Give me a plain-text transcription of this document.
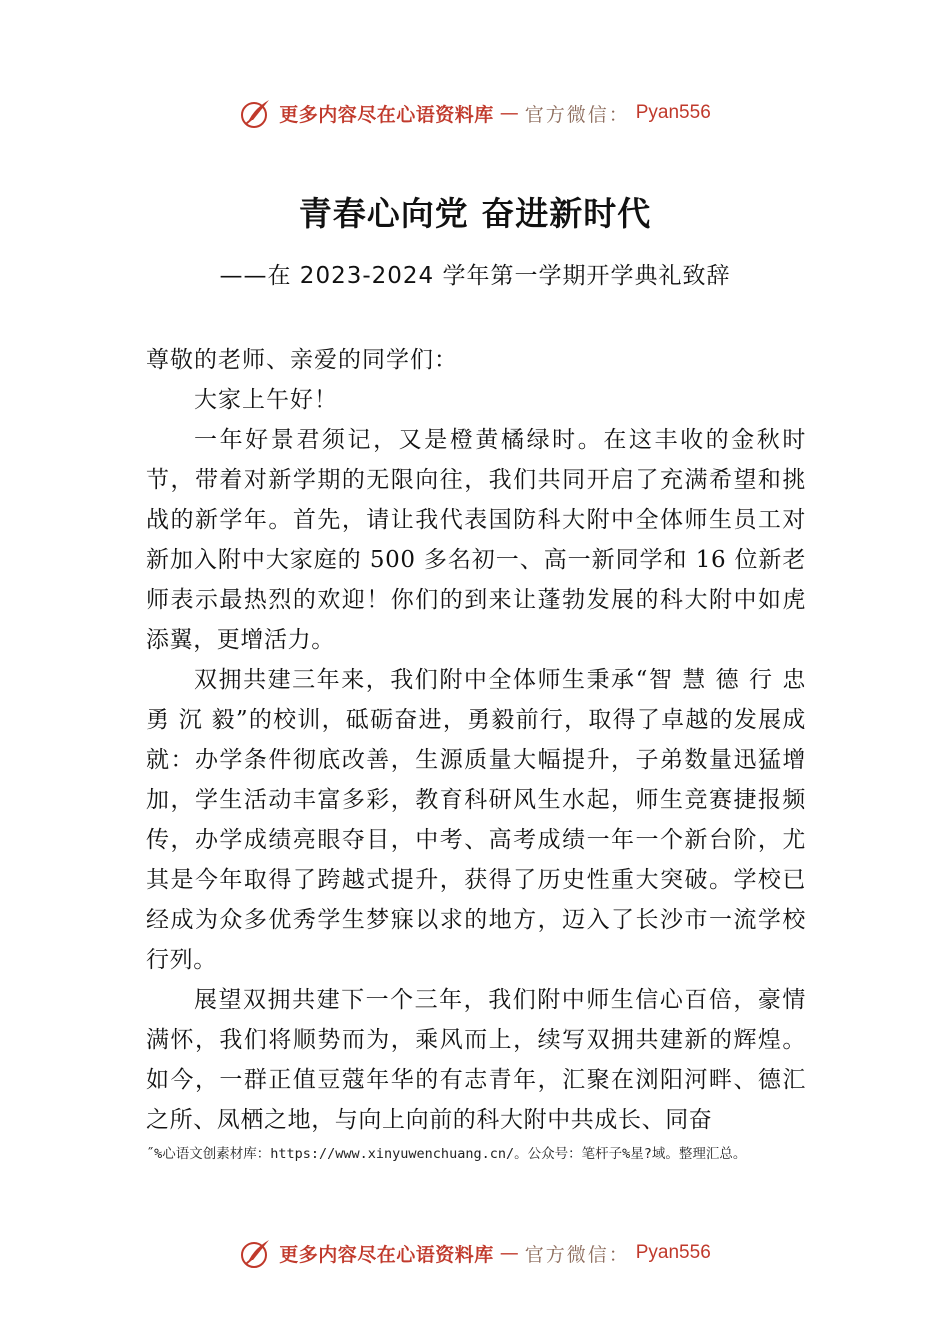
更多内容尽在心语资料库 — 官方微信： Pyan556
青春心向党 奋进新时代
——在 2023-2024 学年第一学期开学典礼致辞

尊敬的老师、亲爱的同学们：

大家上午好！

一年好景君须记，又是橙黄橘绿时。在这丰收的金秋时节，带着对新学期的无限向往，我们共同开启了充满希望和挑战的新学年。首先，请让我代表国防科大附中全体师生员工对新加入附中大家庭的 500 多名初一、高一新同学和 16 位新老师表示最热烈的欢迎！你们的到来让蓬勃发展的科大附中如虎添翼，更增活力。

双拥共建三年来，我们附中全体师生秉承“智 慧 德 行 忠 勇 沉 毅”的校训，砥砺奋进，勇毅前行，取得了卓越的发展成就：办学条件彻底改善，生源质量大幅提升，子弟数量迅猛增加，学生活动丰富多彩，教育科研风生水起，师生竞赛捷报频传，办学成绩亮眼夺目，中考、高考成绩一年一个新台阶，尤其是今年取得了跨越式提升，获得了历史性重大突破。学校已经成为众多优秀学生梦寐以求的地方，迈入了长沙市一流学校行列。

展望双拥共建下一个三年，我们附中师生信心百倍，豪情满怀，我们将顺势而为，乘风而上，续写双拥共建新的辉煌。如今，一群正值豆蔻年华的有志青年，汇聚在浏阳河畔、德汇之所、凤栖之地，与向上向前的科大附中共成长、同奋

˝%心语文创素材库：https://www.xinyuwenchuang.cn/。公众号：笔杆子%星?域。整理汇总。
更多内容尽在心语资料库 — 官方微信： Pyan556
